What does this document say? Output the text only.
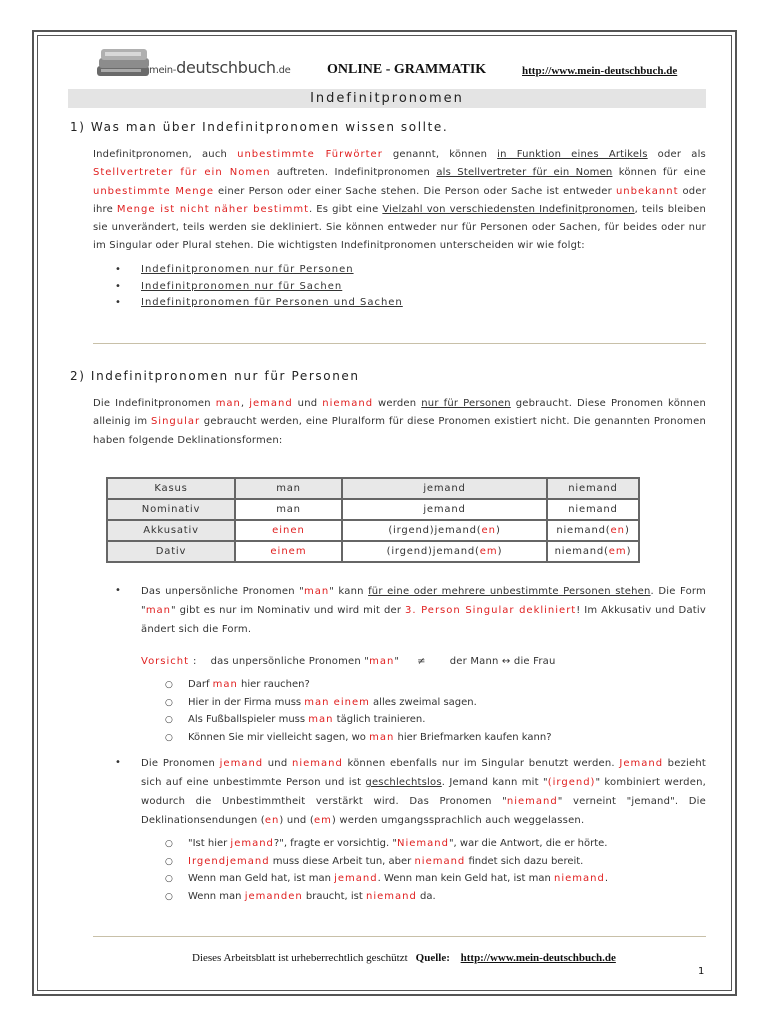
mein-deutschbuch.de	ONLINE - GRAMMATIK	http://www.mein-deutschbuch.de
Indefinitpronomen
1) Was man über Indefinitpronomen wissen sollte.
Indefinitpronomen, auch unbestimmte Fürwörter genannt, können in Funktion eines Artikels oder als Stellvertreter für ein Nomen auftreten. Indefinitpronomen als Stellvertreter für ein Nomen können für eine unbestimmte Menge einer Person oder einer Sache stehen. Die Person oder Sache ist entweder unbekannt oder ihre Menge ist nicht näher bestimmt. Es gibt eine Vielzahl von verschiedensten Indefinitpronomen, teils bleiben sie unverändert, teils werden sie dekliniert. Sie können entweder nur für Personen oder Sachen, für beides oder nur im Singular oder Plural stehen. Die wichtigsten Indefinitpronomen unterscheiden wir wie folgt:
• Indefinitpronomen nur für Personen
• Indefinitpronomen nur für Sachen
• Indefinitpronomen für Personen und Sachen
2) Indefinitpronomen nur für Personen
Die Indefinitpronomen man, jemand und niemand werden nur für Personen gebraucht. Diese Pronomen können alleinig im Singular gebraucht werden, eine Pluralform für diese Pronomen existiert nicht. Die genannten Pronomen haben folgende Deklinationsformen:
Kasus	man	jemand	niemand
Nominativ	man	jemand	niemand
Akkusativ	einen	(irgend)jemand(en)	niemand(en)
Dativ	einem	(irgend)jemand(em)	niemand(em)
• Das unpersönliche Pronomen "man" kann für eine oder mehrere unbestimmte Personen stehen. Die Form "man" gibt es nur im Nominativ und wird mit der 3. Person Singular dekliniert! Im Akkusativ und Dativ ändert sich die Form.
Vorsicht : das unpersönliche Pronomen "man" ≠ der Mann ↔ die Frau
○ Darf man hier rauchen?
○ Hier in der Firma muss man einem alles zweimal sagen.
○ Als Fußballspieler muss man täglich trainieren.
○ Können Sie mir vielleicht sagen, wo man hier Briefmarken kaufen kann?
• Die Pronomen jemand und niemand können ebenfalls nur im Singular benutzt werden. Jemand bezieht sich auf eine unbestimmte Person und ist geschlechtslos. Jemand kann mit "(irgend)" kombiniert werden, wodurch die Unbestimmtheit verstärkt wird. Das Pronomen "niemand" verneint "jemand". Die Deklinationsendungen (en) und (em) werden umgangssprachlich auch weggelassen.
○ "Ist hier jemand?", fragte er vorsichtig. "Niemand", war die Antwort, die er hörte.
○ Irgendjemand muss diese Arbeit tun, aber niemand findet sich dazu bereit.
○ Wenn man Geld hat, ist man jemand. Wenn man kein Geld hat, ist man niemand.
○ Wenn man jemanden braucht, ist niemand da.
Dieses Arbeitsblatt ist urheberrechtlich geschützt Quelle: http://www.mein-deutschbuch.de
1
